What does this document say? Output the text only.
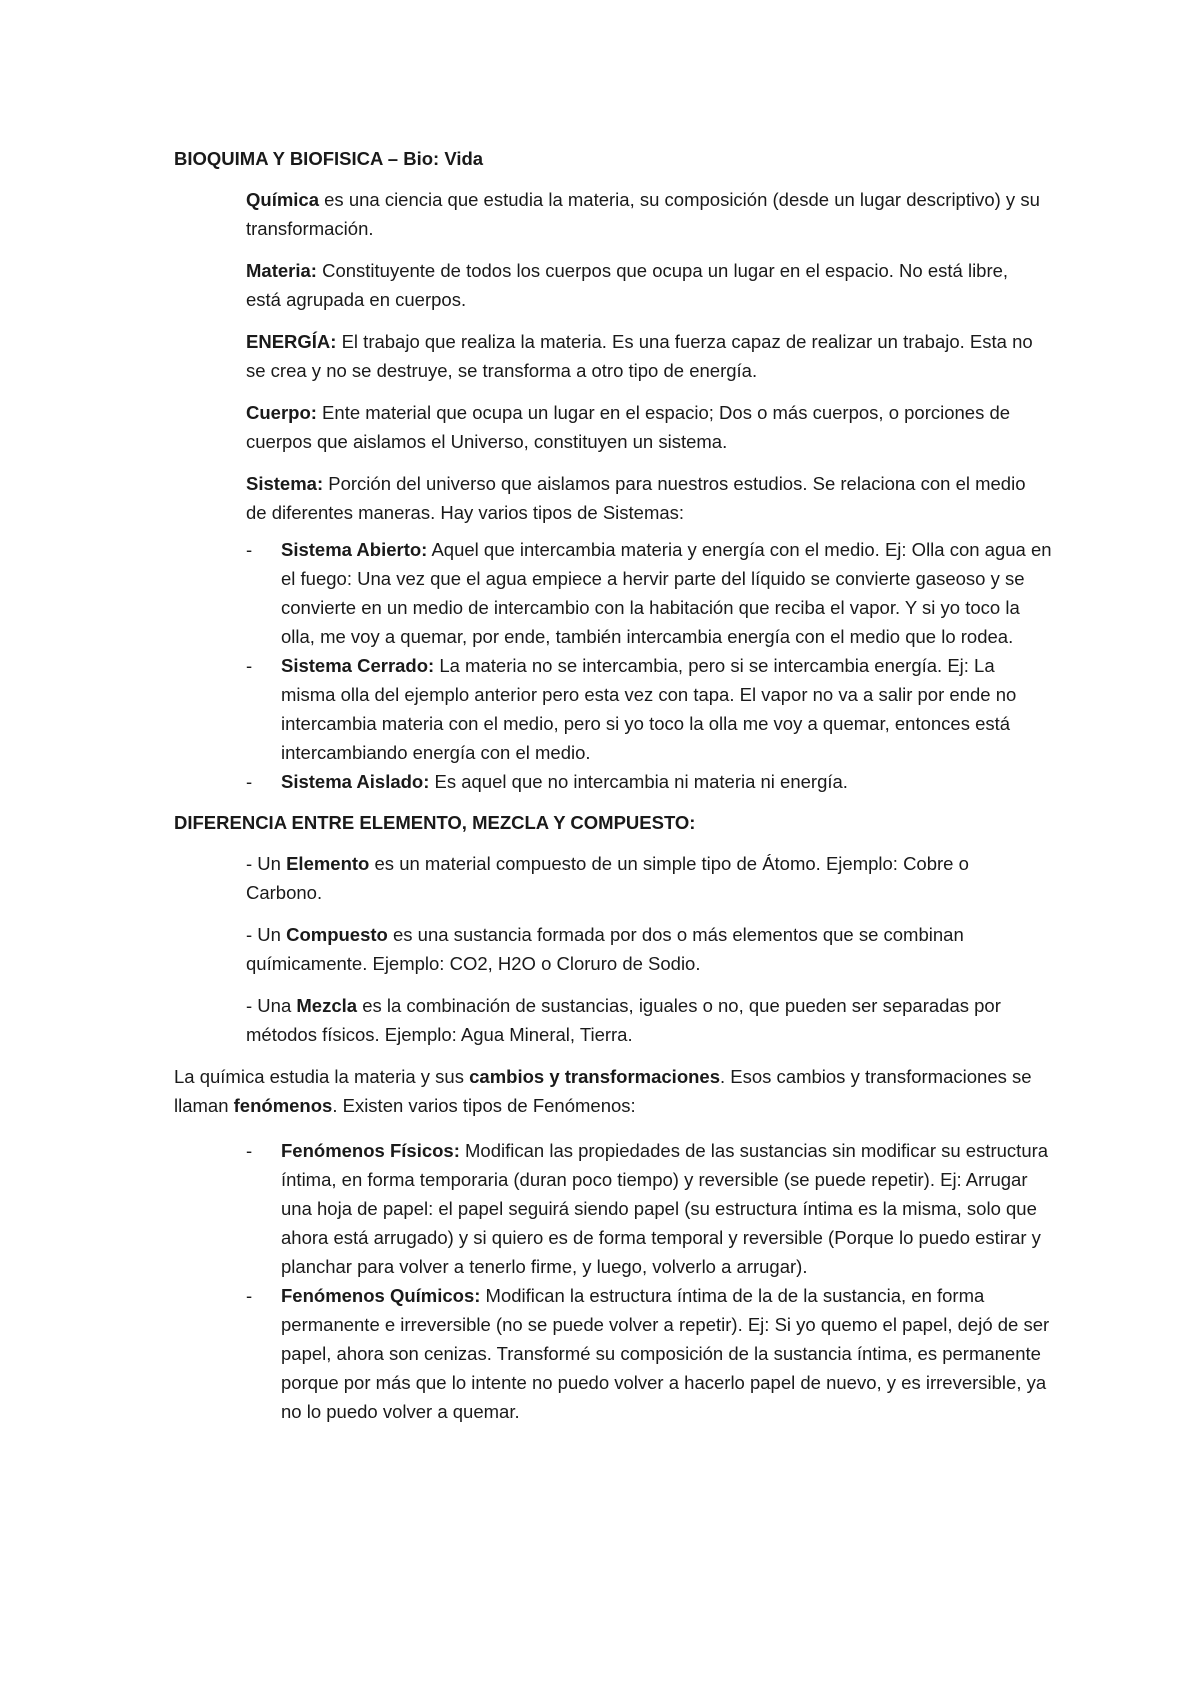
BIOQUIMA Y BIOFISICA – Bio: Vida

Química es una ciencia que estudia la materia, su composición (desde un lugar descriptivo) y su transformación.

Materia: Constituyente de todos los cuerpos que ocupa un lugar en el espacio. No está libre, está agrupada en cuerpos.

ENERGÍA: El trabajo que realiza la materia. Es una fuerza capaz de realizar un trabajo. Esta no se crea y no se destruye, se transforma a otro tipo de energía.

Cuerpo: Ente material que ocupa un lugar en el espacio; Dos o más cuerpos, o porciones de cuerpos que aislamos el Universo, constituyen un sistema.

Sistema: Porción del universo que aislamos para nuestros estudios. Se relaciona con el medio de diferentes maneras. Hay varios tipos de Sistemas:

- Sistema Abierto: Aquel que intercambia materia y energía con el medio. Ej: Olla con agua en el fuego: Una vez que el agua empiece a hervir parte del líquido se convierte gaseoso y se convierte en un medio de intercambio con la habitación que reciba el vapor. Y si yo toco la olla, me voy a quemar, por ende, también intercambia energía con el medio que lo rodea.
- Sistema Cerrado: La materia no se intercambia, pero si se intercambia energía. Ej: La misma olla del ejemplo anterior pero esta vez con tapa. El vapor no va a salir por ende no intercambia materia con el medio, pero si yo toco la olla me voy a quemar, entonces está intercambiando energía con el medio.
- Sistema Aislado: Es aquel que no intercambia ni materia ni energía.

DIFERENCIA ENTRE ELEMENTO, MEZCLA Y COMPUESTO:

- Un Elemento es un material compuesto de un simple tipo de Átomo. Ejemplo: Cobre o Carbono.

- Un Compuesto es una sustancia formada por dos o más elementos que se combinan químicamente. Ejemplo: CO2, H2O o Cloruro de Sodio.

- Una Mezcla es la combinación de sustancias, iguales o no, que pueden ser separadas por métodos físicos. Ejemplo: Agua Mineral, Tierra.

La química estudia la materia y sus cambios y transformaciones. Esos cambios y transformaciones se llaman fenómenos. Existen varios tipos de Fenómenos:

- Fenómenos Físicos: Modifican las propiedades de las sustancias sin modificar su estructura íntima, en forma temporaria (duran poco tiempo) y reversible (se puede repetir). Ej: Arrugar una hoja de papel: el papel seguirá siendo papel (su estructura íntima es la misma, solo que ahora está arrugado) y si quiero es de forma temporal y reversible (Porque lo puedo estirar y planchar para volver a tenerlo firme, y luego, volverlo a arrugar).
- Fenómenos Químicos: Modifican la estructura íntima de la de la sustancia, en forma permanente e irreversible (no se puede volver a repetir). Ej: Si yo quemo el papel, dejó de ser papel, ahora son cenizas. Transformé su composición de la sustancia íntima, es permanente porque por más que lo intente no puedo volver a hacerlo papel de nuevo, y es irreversible, ya no lo puedo volver a quemar.
